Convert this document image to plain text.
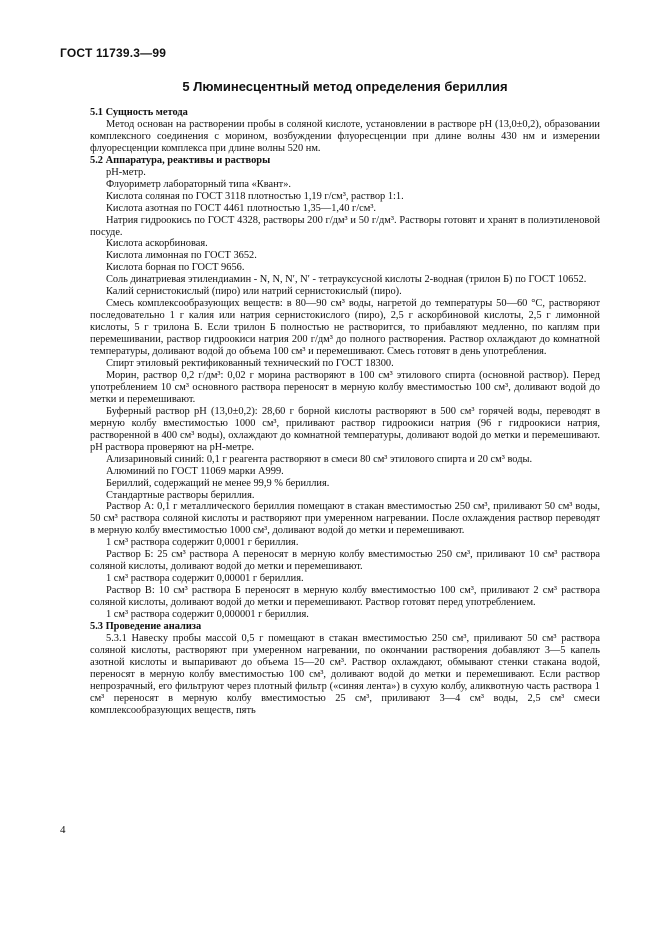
ГОСТ 11739.3—99
5 Люминесцентный метод определения бериллия

5.1 Сущность метода

Метод основан на растворении пробы в соляной кислоте, установлении в растворе рН (13,0±0,2), образовании комплексного соединения с морином, возбуждении флуоресценции при длине волны 430 нм и измерении флуоресценции комплекса при длине волны 520 нм.

5.2 Аппаратура, реактивы и растворы

рН-метр.

Флуориметр лабораторный типа «Квант».

Кислота соляная по ГОСТ 3118 плотностью 1,19 г/см³, раствор 1:1.

Кислота азотная по ГОСТ 4461 плотностью 1,35—1,40 г/см³.

Натрия гидроокись по ГОСТ 4328, растворы 200 г/дм³ и 50 г/дм³. Растворы готовят и хранят в полиэтиленовой посуде.

Кислота аскорбиновая.

Кислота лимонная по ГОСТ 3652.

Кислота борная по ГОСТ 9656.

Соль динатриевая этилендиамин - N, N, N′, N′ - тетрауксусной кислоты 2-водная (трилон Б) по ГОСТ 10652.

Калий сернистокислый (пиро) или натрий сернистокислый (пиро).

Смесь комплексообразующих веществ: в 80—90 см³ воды, нагретой до температуры 50—60 °С, растворяют последовательно 1 г калия или натрия сернистокислого (пиро), 2,5 г аскорбиновой кислоты, 2,5 г лимонной кислоты, 5 г трилона Б. Если трилон Б полностью не растворится, то прибавляют медленно, по каплям при перемешивании, раствор гидроокиси натрия 200 г/дм³ до полного растворения. Раствор охлаждают до комнатной температуры, доливают водой до объема 100 см³ и перемешивают. Смесь готовят в день употребления.

Спирт этиловый ректификованный технический по ГОСТ 18300.

Морин, раствор 0,2 г/дм³: 0,02 г морина растворяют в 100 см³ этилового спирта (основной раствор). Перед употреблением 10 см³ основного раствора переносят в мерную колбу вместимостью 100 см³, доливают водой до метки и перемешивают.

Буферный раствор рН (13,0±0,2): 28,60 г борной кислоты растворяют в 500 см³ горячей воды, переводят в мерную колбу вместимостью 1000 см³, приливают раствор гидроокиси натрия (96 г гидроокиси натрия, растворенной в 400 см³ воды), охлаждают до комнатной температуры, доливают водой до метки и перемешивают. рН раствора проверяют на рН-метре.

Ализариновый синий: 0,1 г реагента растворяют в смеси 80 см³ этилового спирта и 20 см³ воды.

Алюминий по ГОСТ 11069 марки А999.

Бериллий, содержащий не менее 99,9 % бериллия.

Стандартные растворы бериллия.

Раствор А: 0,1 г металлического бериллия помещают в стакан вместимостью 250 см³, приливают 50 см³ воды, 50 см³ раствора соляной кислоты и растворяют при умеренном нагревании. После охлаждения раствор переводят в мерную колбу вместимостью 1000 см³, доливают водой до метки и перемешивают.

1 см³ раствора содержит 0,0001 г бериллия.

Раствор Б: 25 см³ раствора А переносят в мерную колбу вместимостью 250 см³, приливают 10 см³ раствора соляной кислоты, доливают водой до метки и перемешивают.

1 см³ раствора содержит 0,00001 г бериллия.

Раствор В: 10 см³ раствора Б переносят в мерную колбу вместимостью 100 см³, приливают 2 см³ раствора соляной кислоты, доливают водой до метки и перемешивают. Раствор готовят перед употреблением.

1 см³ раствора содержит 0,000001 г бериллия.

5.3 Проведение анализа

5.3.1 Навеску пробы массой 0,5 г помещают в стакан вместимостью 250 см³, приливают 50 см³ раствора соляной кислоты, растворяют при умеренном нагревании, по окончании растворения добавляют 3—5 капель азотной кислоты и выпаривают до объема 15—20 см³. Раствор охлаждают, обмывают стенки стакана водой, переносят в мерную колбу вместимостью 100 см³, доливают водой до метки и перемешивают. Если раствор непрозрачный, его фильтруют через плотный фильтр («синяя лента») в сухую колбу, аликвотную часть раствора 1 см³ переносят в мерную колбу вместимостью 25 см³, приливают 3—4 см³ воды, 2,5 см³ смеси комплексообразующих веществ, пять

4
